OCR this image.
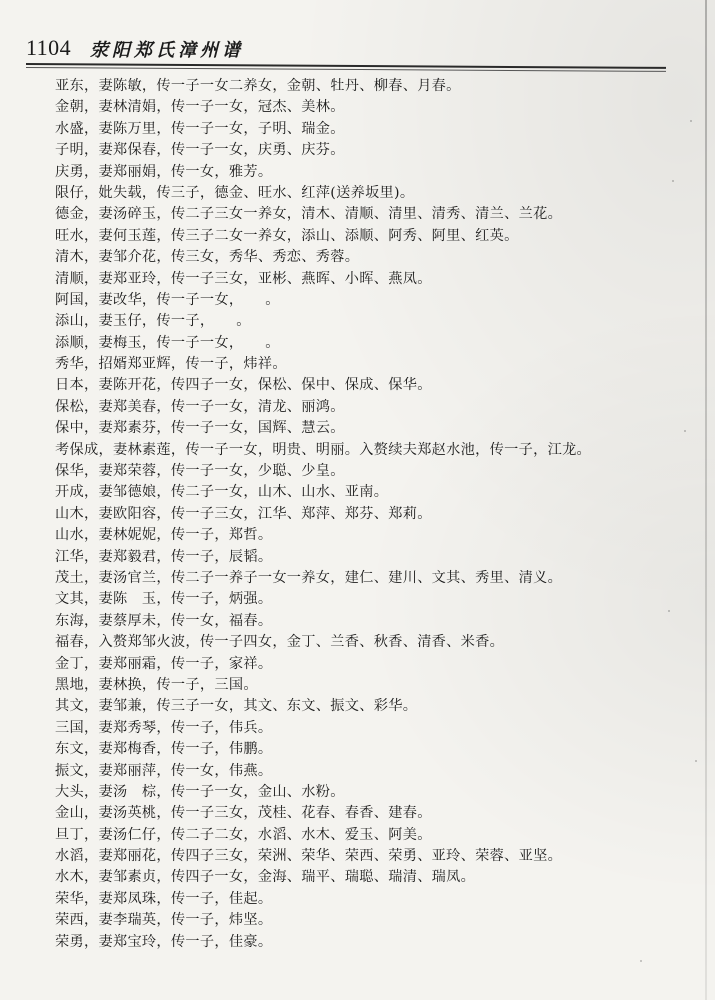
1104 荥阳郑氏漳州谱
亚东，妻陈敏，传一子一女二养女，金朝、牡丹、柳春、月春。
金朝，妻林清娟，传一子一女，冠杰、美林。
水盛，妻陈万里，传一子一女，子明、瑞金。
子明，妻郑保春，传一子一女，庆勇、庆芬。
庆勇，妻郑丽娟，传一女，雅芳。
限仔，妣失载，传三子，德金、旺水、红萍(送养坂里)。
德金，妻汤碎玉，传二子三女一养女，清木、清顺、清里、清秀、清兰、兰花。
旺水，妻何玉莲，传三子二女一养女，添山、添顺、阿秀、阿里、红英。
清木，妻邹介花，传三女，秀华、秀恋、秀蓉。
清顺，妻郑亚玲，传一子三女，亚彬、燕晖、小晖、燕凤。
阿国，妻改华，传一子一女，　　。
添山，妻玉仔，传一子，　　。
添顺，妻梅玉，传一子一女，　　。
秀华，招婿郑亚辉，传一子，炜祥。
日本，妻陈开花，传四子一女，保松、保中、保成、保华。
保松，妻郑美春，传一子一女，清龙、丽鸿。
保中，妻郑素芬，传一子一女，国辉、慧云。
考保成，妻林素莲，传一子一女，明贵、明丽。入赘续夫郑赵水池，传一子，江龙。
保华，妻郑荣蓉，传一子一女，少聪、少皇。
开成，妻邹德娘，传二子一女，山木、山水、亚南。
山木，妻欧阳容，传一子三女，江华、郑萍、郑芬、郑莉。
山水，妻林妮妮，传一子，郑哲。
江华，妻郑毅君，传一子，辰韬。
茂土，妻汤官兰，传二子一养子一女一养女，建仁、建川、文其、秀里、清义。
文其，妻陈　玉，传一子，炳强。
东海，妻蔡厚未，传一女，福春。
福春，入赘郑邹火波，传一子四女，金丁、兰香、秋香、清香、米香。
金丁，妻郑丽霜，传一子，家祥。
黑地，妻林换，传一子，三国。
其文，妻邹兼，传三子一女，其文、东文、振文、彩华。
三国，妻郑秀琴，传一子，伟兵。
东文，妻郑梅香，传一子，伟鹏。
振文，妻郑丽萍，传一女，伟燕。
大头，妻汤　棕，传一子一女，金山、水粉。
金山，妻汤英桃，传一子三女，茂桂、花春、春香、建春。
旦丁，妻汤仁仔，传二子二女，水滔、水木、爱玉、阿美。
水滔，妻郑丽花，传四子三女，荣洲、荣华、荣西、荣勇、亚玲、荣蓉、亚坚。
水木，妻邹素贞，传四子一女，金海、瑞平、瑞聪、瑞清、瑞凤。
荣华，妻郑凤珠，传一子，佳起。
荣西，妻李瑞英，传一子，炜坚。
荣勇，妻郑宝玲，传一子，佳豪。
